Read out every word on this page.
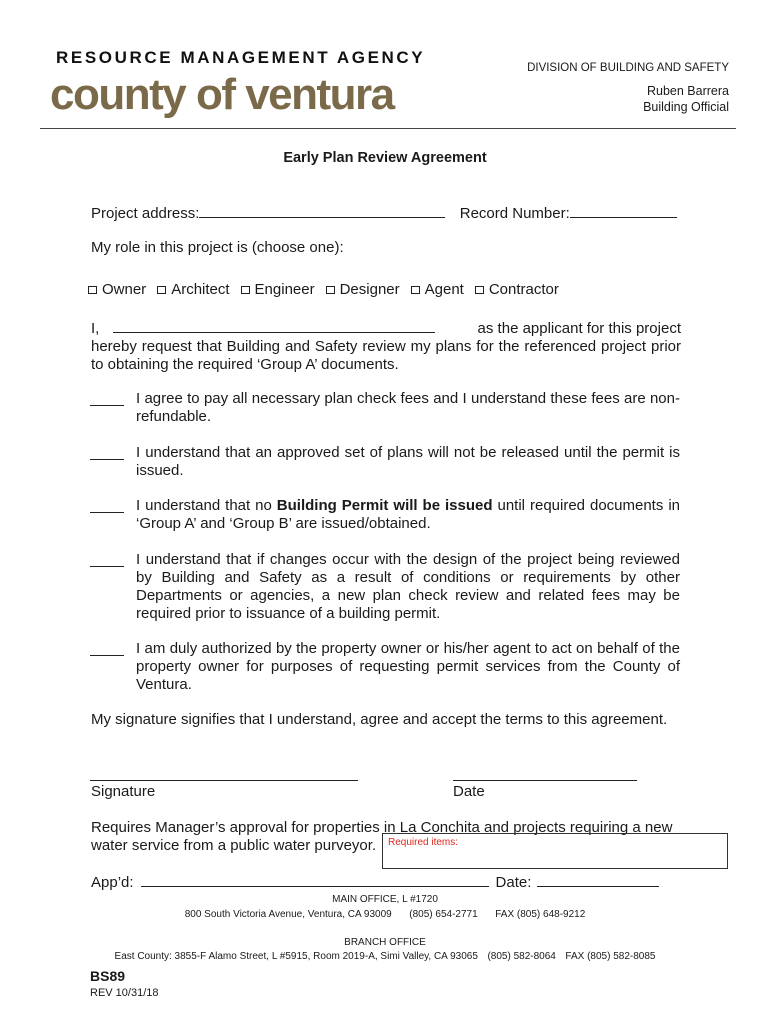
RESOURCE MANAGEMENT AGENCY
county of ventura
DIVISION OF BUILDING AND SAFETY
Ruben Barrera
Building Official
Early Plan Review Agreement
Project address:	Record Number:
My role in this project is (choose one):
Owner Architect Engineer Designer Agent Contractor
I,	as the applicant for this project
hereby request that Building and Safety review my plans for the referenced project prior to obtaining the required ‘Group A’ documents.
I agree to pay all necessary plan check fees and I understand these fees are non-refundable.
I understand that an approved set of plans will not be released until the permit is issued.
I understand that no Building Permit will be issued until required documents in ‘Group A’ and ‘Group B’ are issued/obtained.
I understand that if changes occur with the design of the project being reviewed by Building and Safety as a result of conditions or requirements by other Departments or agencies, a new plan check review and related fees may be required prior to issuance of a building permit.
I am duly authorized by the property owner or his/her agent to act on behalf of the property owner for purposes of requesting permit services from the County of Ventura.
My signature signifies that I understand, agree and accept the terms to this agreement.
Signature	Date
Requires Manager’s approval for properties in La Conchita and projects requiring a new
water service from a public water purveyor. Required items:
App’d:	Date:
MAIN OFFICE, L #1720
800 South Victoria Avenue, Ventura, CA 93009 (805) 654-2771 FAX (805) 648-9212
BRANCH OFFICE
East County: 3855-F Alamo Street, L #5915, Room 2019-A, Simi Valley, CA 93065 (805) 582-8064 FAX (805) 582-8085
BS89
REV 10/31/18
